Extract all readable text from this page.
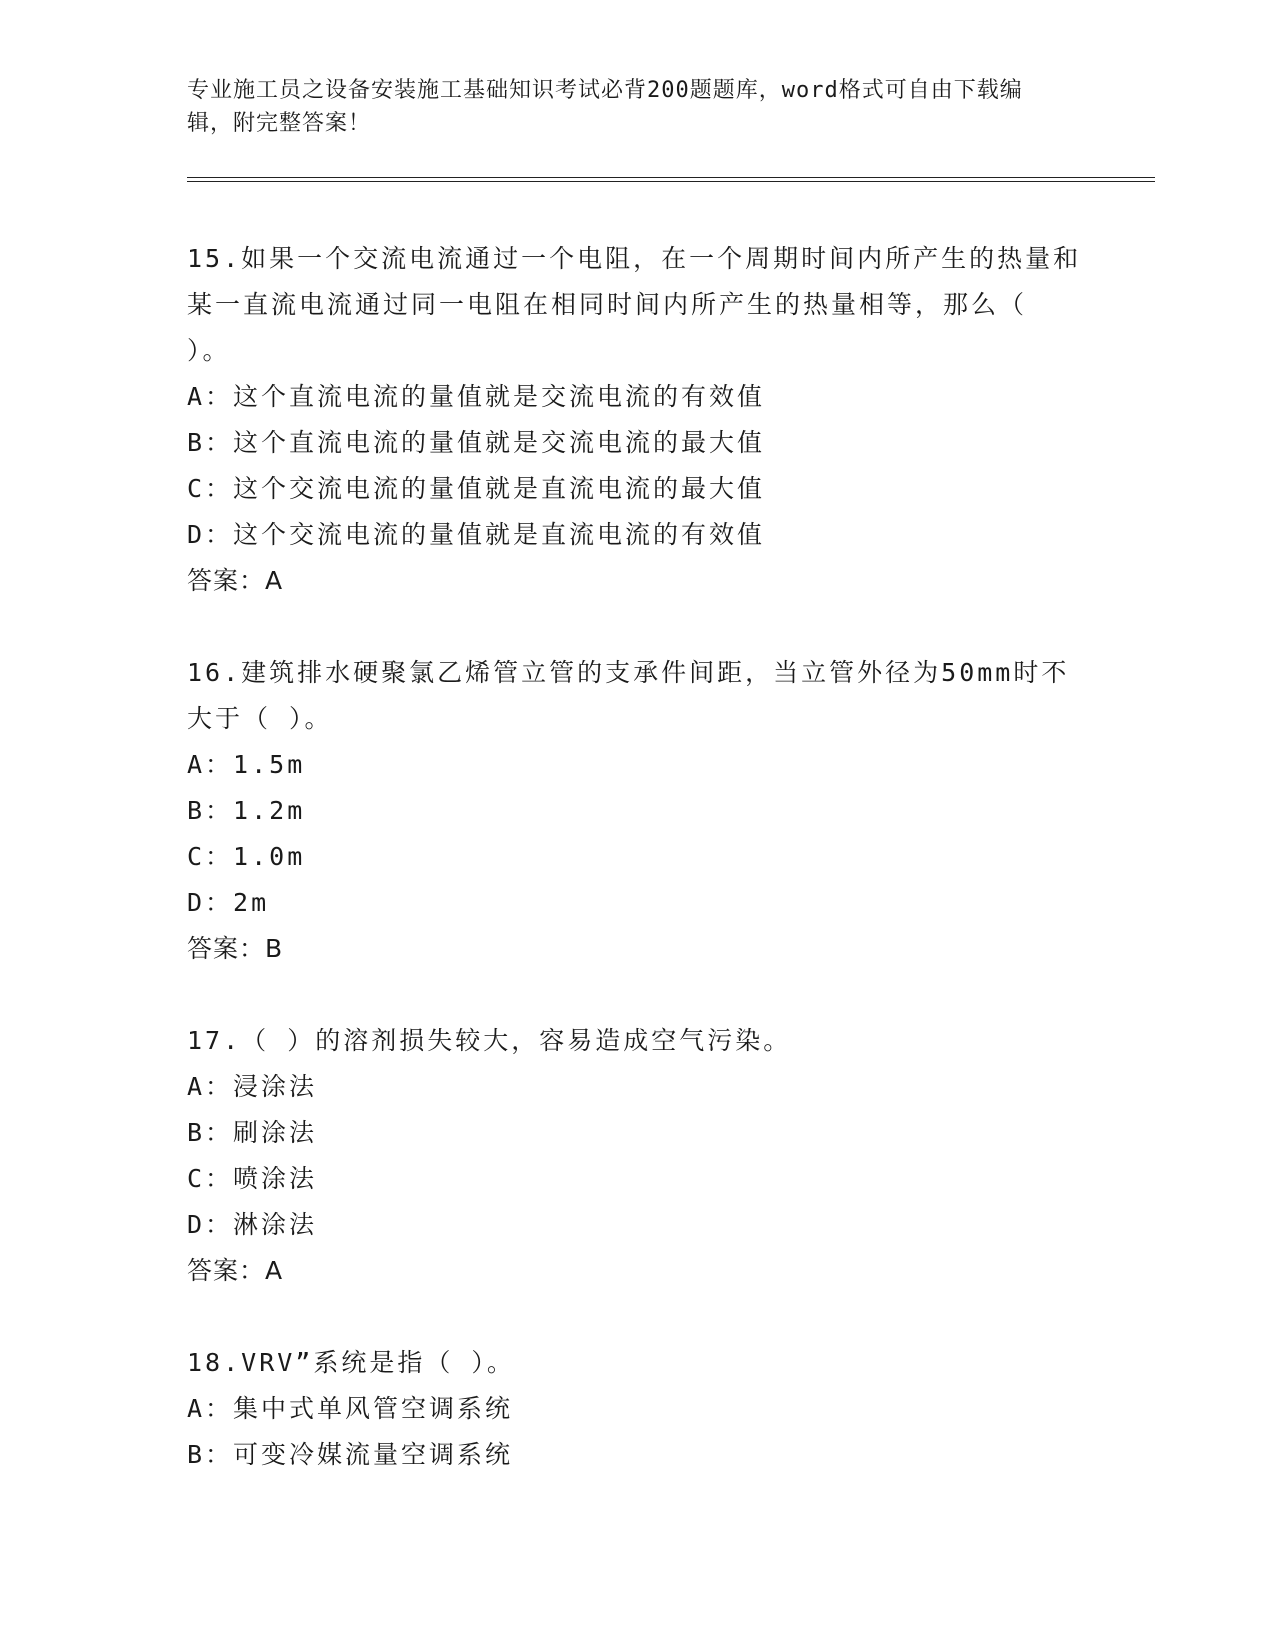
专业施工员之设备安装施工基础知识考试必背200题题库，word格式可自由下载编辑，附完整答案！

15.如果一个交流电流通过一个电阻，在一个周期时间内所产生的热量和某一直流电流通过同一电阻在相同时间内所产生的热量相等，那么（ ）。

A：这个直流电流的量值就是交流电流的有效值

B：这个直流电流的量值就是交流电流的最大值

C：这个交流电流的量值就是直流电流的最大值

D：这个交流电流的量值就是直流电流的有效值

答案：A

16.建筑排水硬聚氯乙烯管立管的支承件间距，当立管外径为50mm时不大于（ ）。

A：1.5m

B：1.2m

C：1.0m

D：2m

答案：B

17.（ ）的溶剂损失较大，容易造成空气污染。

A：浸涂法

B：刷涂法

C：喷涂法

D：淋涂法

答案：A

18.VRV”系统是指（ ）。

A：集中式单风管空调系统

B：可变冷媒流量空调系统
